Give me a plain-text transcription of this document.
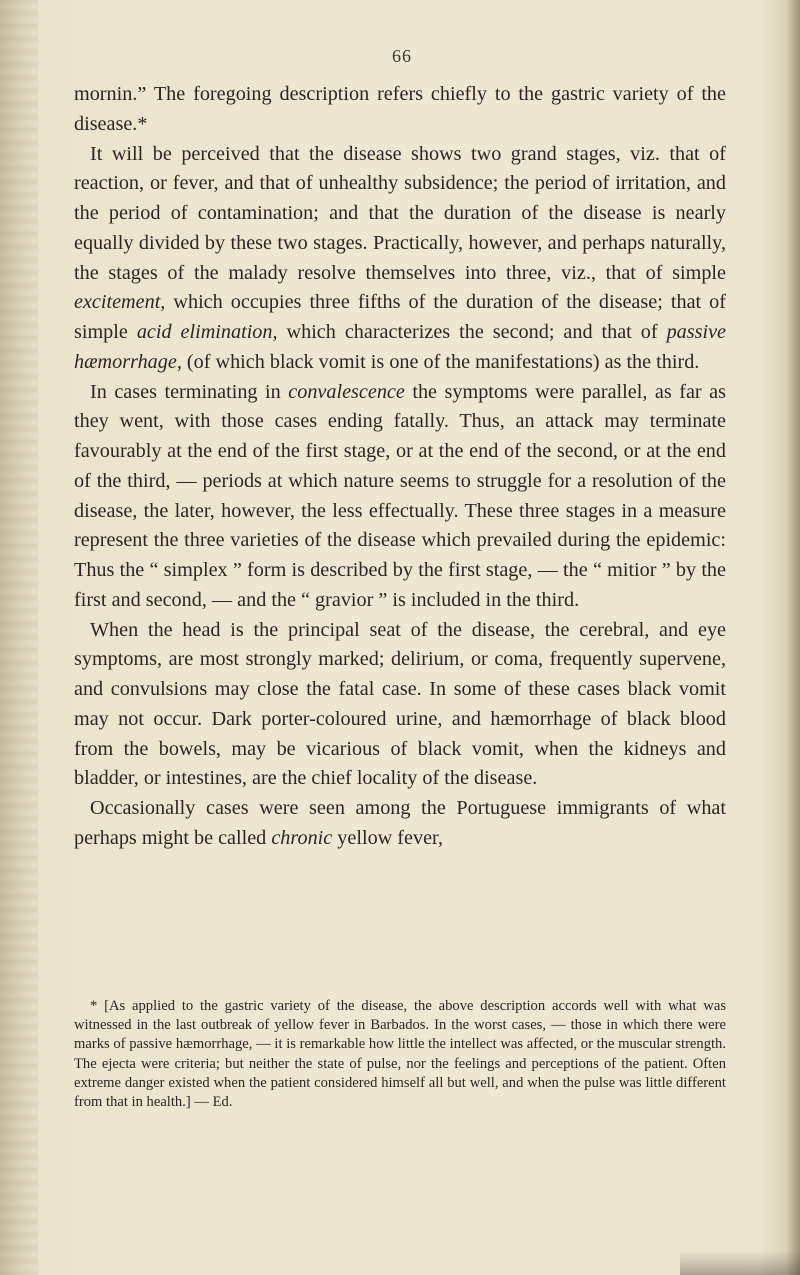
66

mornin.” The foregoing description refers chiefly to the gastric variety of the disease.*

It will be perceived that the disease shows two grand stages, viz. that of reaction, or fever, and that of unhealthy subsidence; the period of irritation, and the period of contamination; and that the duration of the disease is nearly equally divided by these two stages. Practically, however, and perhaps naturally, the stages of the malady resolve themselves into three, viz., that of simple excitement, which occupies three fifths of the duration of the disease; that of simple acid elimination, which characterizes the second; and that of passive hæmorrhage, (of which black vomit is one of the manifestations) as the third.

In cases terminating in convalescence the symptoms were parallel, as far as they went, with those cases ending fatally. Thus, an attack may terminate favourably at the end of the first stage, or at the end of the second, or at the end of the third, — periods at which nature seems to struggle for a resolution of the disease, the later, however, the less effectually. These three stages in a measure represent the three varieties of the disease which prevailed during the epidemic: Thus the “ simplex ” form is described by the first stage, — the “ mitior ” by the first and second, — and the “ gravior ” is included in the third.

When the head is the principal seat of the disease, the cerebral, and eye symptoms, are most strongly marked; delirium, or coma, frequently supervene, and convulsions may close the fatal case. In some of these cases black vomit may not occur. Dark porter-coloured urine, and hæmorrhage of black blood from the bowels, may be vicarious of black vomit, when the kidneys and bladder, or intestines, are the chief locality of the disease.

Occasionally cases were seen among the Portuguese immigrants of what perhaps might be called chronic yellow fever,

* [As applied to the gastric variety of the disease, the above description accords well with what was witnessed in the last outbreak of yellow fever in Barbados. In the worst cases, — those in which there were marks of passive hæmorrhage, — it is remarkable how little the intellect was affected, or the muscular strength. The ejecta were criteria; but neither the state of pulse, nor the feelings and perceptions of the patient. Often extreme danger existed when the patient considered himself all but well, and when the pulse was little different from that in health.] — Ed.
